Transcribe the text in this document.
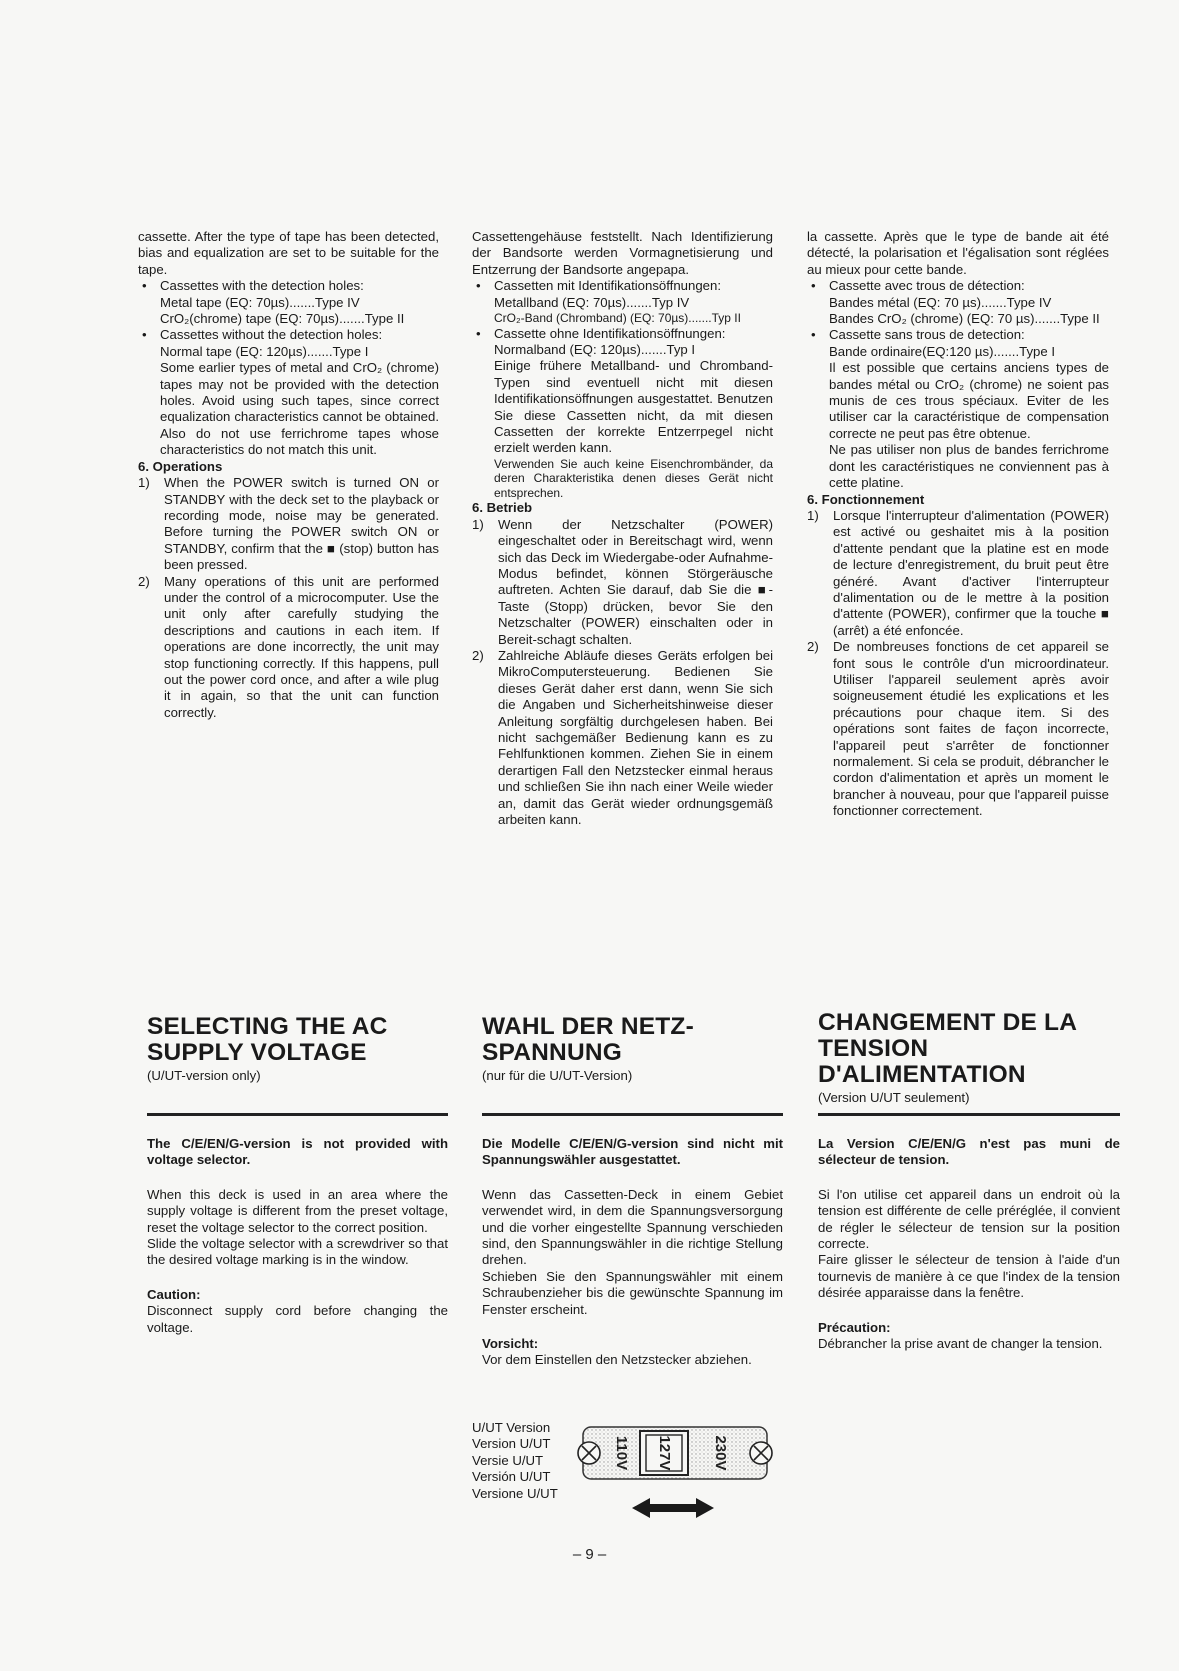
cassette. After the type of tape has been detected, bias and equalization are set to be suitable for the tape.

• Cassettes with the detection holes:

Metal tape (EQ: 70µs).......Type IV

CrO₂(chrome) tape (EQ: 70µs).......Type II

• Cassettes without the detection holes:

Normal tape (EQ: 120µs).......Type I

Some earlier types of metal and CrO₂ (chrome) tapes may not be provided with the detection holes. Avoid using such tapes, since correct equalization characteristics cannot be obtained. Also do not use ferrichrome tapes whose characteristics do not match this unit.

6. Operations

1)	When the POWER switch is turned ON or STANDBY with the deck set to the playback or recording mode, noise may be generated. Before turning the POWER switch ON or STANDBY, confirm that the ■ (stop) button has been pressed.

2)	Many operations of this unit are performed under the control of a microcomputer. Use the unit only after carefully studying the descriptions and cautions in each item. If operations are done incorrectly, the unit may stop functioning correctly. If this happens, pull out the power cord once, and after a wile plug it in again, so that the unit can function correctly.

Cassettengehäuse feststellt. Nach Identifizierung der Bandsorte werden Vormagnetisierung und Entzerrung der Bandsorte angepapa.

• Cassetten mit Identifikationsöffnungen:

Metallband (EQ: 70µs).......Typ IV

CrO₂-Band (Chromband) (EQ: 70µs).......Typ II

• Cassette ohne Identifikationsöffnungen:

Normalband (EQ: 120µs).......Typ I

Einige frühere Metallband- und Chromband-Typen sind eventuell nicht mit diesen Identifikationsöffnungen ausgestattet. Benutzen Sie diese Cassetten nicht, da mit diesen Cassetten der korrekte Entzerrpegel nicht erzielt werden kann.

Verwenden Sie auch keine Eisenchrombänder, da deren Charakteristika denen dieses Gerät nicht entsprechen.

6. Betrieb

1)	Wenn der Netzschalter (POWER) eingeschaltet oder in Bereitschagt wird, wenn sich das Deck im Wiedergabe-oder Aufnahme-Modus befindet, können Störgeräusche auftreten. Achten Sie darauf, dab Sie die ■-Taste (Stopp) drücken, bevor Sie den Netzschalter (POWER) einschalten oder in Bereit-schagt schalten.

2)	Zahlreiche Abläufe dieses Geräts erfolgen bei MikroComputersteuerung. Bedienen Sie dieses Gerät daher erst dann, wenn Sie sich die Angaben und Sicherheitshinweise dieser Anleitung sorgfältig durchgelesen haben. Bei nicht sachgemäßer Bedienung kann es zu Fehlfunktionen kommen. Ziehen Sie in einem derartigen Fall den Netzstecker einmal heraus und schließen Sie ihn nach einer Weile wieder an, damit das Gerät wieder ordnungsgemäß arbeiten kann.

la cassette. Après que le type de bande ait été détecté, la polarisation et l'égalisation sont réglées au mieux pour cette bande.

• Cassette avec trous de détection:

Bandes métal (EQ: 70 µs).......Type IV

Bandes CrO₂ (chrome) (EQ: 70 µs).......Type II

• Cassette sans trous de detection:

Bande ordinaire(EQ:120 µs).......Type I

Il est possible que certains anciens types de bandes métal ou CrO₂ (chrome) ne soient pas munis de ces trous spéciaux. Eviter de les utiliser car la caractéristique de compensation correcte ne peut pas être obtenue.

Ne pas utiliser non plus de bandes ferrichrome dont les caractéristiques ne conviennent pas à cette platine.

6. Fonctionnement

1)	Lorsque l'interrupteur d'alimentation (POWER) est activé ou geshaitet mis à la position d'attente pendant que la platine est en mode de lecture d'enregistrement, du bruit peut être généré. Avant d'activer l'interrupteur d'alimentation ou de le mettre à la position d'attente (POWER), confirmer que la touche ■ (arrêt) a été enfoncée.

2)	De nombreuses fonctions de cet appareil se font sous le contrôle d'un microordinateur. Utiliser l'appareil seulement après avoir soigneusement étudié les explications et les précautions pour chaque item. Si des opérations sont faites de façon incorrecte, l'appareil peut s'arrêter de fonctionner normalement. Si cela se produit, débrancher le cordon d'alimentation et après un moment le brancher à nouveau, pour que l'appareil puisse fonctionner correctement.

SELECTING THE AC
SUPPLY VOLTAGE
(U/UT-version only)
WAHL DER NETZ-
SPANNUNG
(nur für die U/UT-Version)
CHANGEMENT DE LA
TENSION
D'ALIMENTATION
(Version U/UT seulement)

The C/E/EN/G-version is not provided with voltage selector.

When this deck is used in an area where the supply voltage is different from the preset voltage, reset the voltage selector to the correct position.

Slide the voltage selector with a screwdriver so that the desired voltage marking is in the window.

Caution:

Disconnect supply cord before changing the voltage.

Die Modelle C/E/EN/G-version sind nicht mit Spannungswähler ausgestattet.

Wenn das Cassetten-Deck in einem Gebiet verwendet wird, in dem die Spannungsversorgung und die vorher eingestellte Spannung verschieden sind, den Spannungswähler in die richtige Stellung drehen.

Schieben Sie den Spannungswähler mit einem Schraubenzieher bis die gewünschte Spannung im Fenster erscheint.

Vorsicht:

Vor dem Einstellen den Netzstecker abziehen.

La Version C/E/EN/G n'est pas muni de sélecteur de tension.

Si l'on utilise cet appareil dans un endroit où la tension est différente de celle préréglée, il convient de régler le sélecteur de tension sur la position correcte.

Faire glisser le sélecteur de tension à l'aide d'un tournevis de manière à ce que l'index de la tension désirée apparaisse dans la fenêtre.

Précaution:

Débrancher la prise avant de changer la tension.

U/UT Version
Version U/UT
Versie U/UT
Versión U/UT
Versione U/UT
110V 127V	230V
– 9 –
